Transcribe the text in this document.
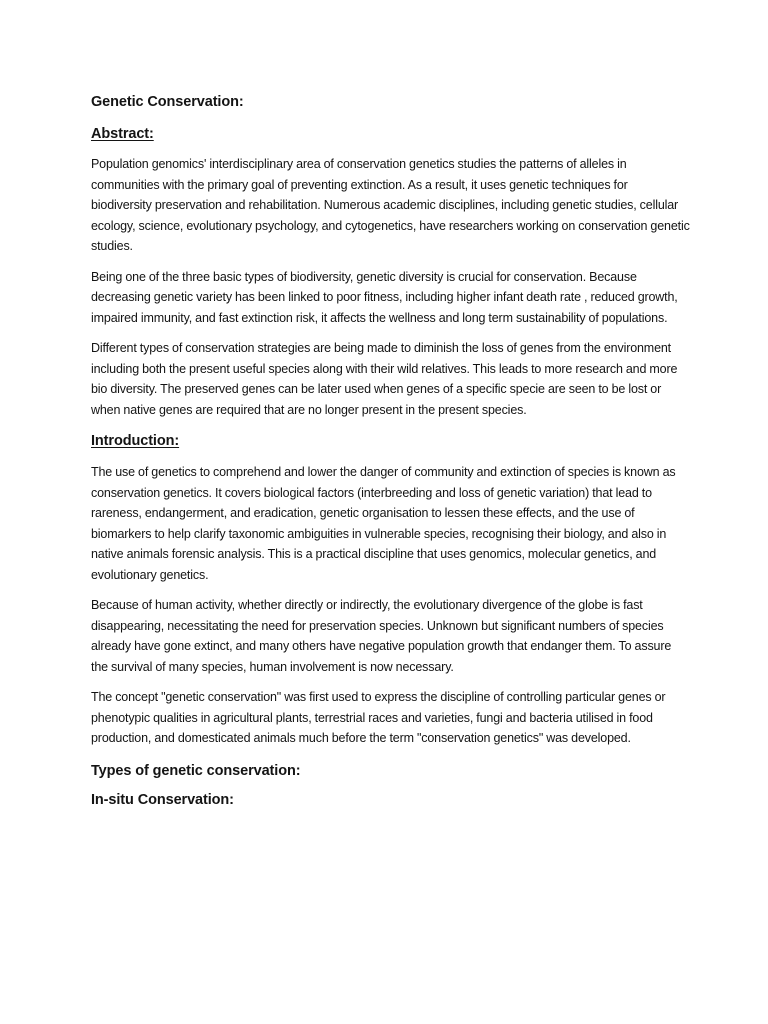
Genetic Conservation:
Abstract:

Population genomics' interdisciplinary area of conservation genetics studies the patterns of alleles in communities with the primary goal of preventing extinction. As a result, it uses genetic techniques for biodiversity preservation and rehabilitation. Numerous academic disciplines, including genetic studies, cellular ecology, science, evolutionary psychology, and cytogenetics, have researchers working on conservation genetic studies.

Being one of the three basic types of biodiversity, genetic diversity is crucial for conservation. Because decreasing genetic variety has been linked to poor fitness, including higher infant death rate , reduced growth, impaired immunity, and fast extinction risk, it affects the wellness and long term sustainability of populations.

Different types of conservation strategies are being made to diminish the loss of genes from the environment including both the present useful species along with their wild relatives. This leads to more research and more bio diversity. The preserved genes can be later used when genes of a specific specie are seen to be lost or when native genes are required that are no longer present in the present species.

Introduction:

The use of genetics to comprehend and lower the danger of community and extinction of species is known as conservation genetics. It covers biological factors (interbreeding and loss of genetic variation) that lead to rareness, endangerment, and eradication, genetic organisation to lessen these effects, and the use of biomarkers to help clarify taxonomic ambiguities in vulnerable species, recognising their biology, and also in native animals forensic analysis. This is a practical discipline that uses genomics, molecular genetics, and evolutionary genetics.

Because of human activity, whether directly or indirectly, the evolutionary divergence of the globe is fast disappearing, necessitating the need for preservation species. Unknown but significant numbers of species already have gone extinct, and many others have negative population growth that endanger them. To assure the survival of many species, human involvement is now necessary.

The concept "genetic conservation" was first used to express the discipline of controlling particular genes or phenotypic qualities in agricultural plants, terrestrial races and varieties, fungi and bacteria utilised in food production, and domesticated animals much before the term "conservation genetics" was developed.

Types of genetic conservation:
In-situ Conservation:
